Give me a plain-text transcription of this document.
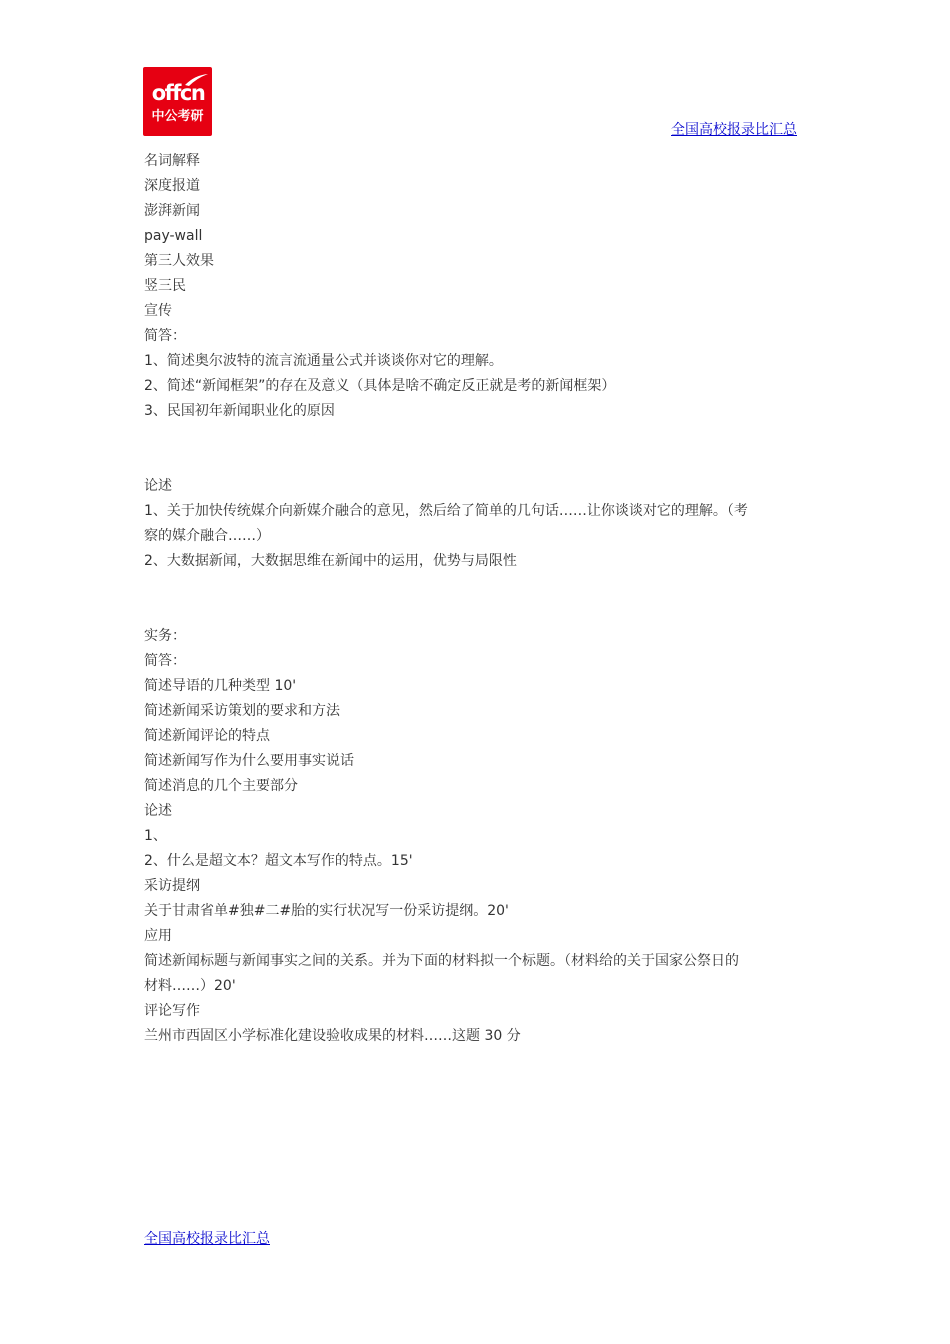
offcn
中公考研
全国高校报录比汇总
名词解释
深度报道
澎湃新闻
pay-wall
第三人效果
竖三民
宣传
简答：
1、简述奥尔波特的流言流通量公式并谈谈你对它的理解。
2、简述“新闻框架”的存在及意义（具体是啥不确定反正就是考的新闻框架）
3、民国初年新闻职业化的原因
论述
1、关于加快传统媒介向新媒介融合的意见，然后给了简单的几句话……让你谈谈对它的理解。（考
察的媒介融合……）
2、大数据新闻，大数据思维在新闻中的运用，优势与局限性
实务：
简答：
简述导语的几种类型 10'
简述新闻采访策划的要求和方法
简述新闻评论的特点
简述新闻写作为什么要用事实说话
简述消息的几个主要部分
论述
1、
2、什么是超文本？超文本写作的特点。15'
采访提纲
关于甘肃省单#独#二#胎的实行状况写一份采访提纲。20'
应用
简述新闻标题与新闻事实之间的关系。并为下面的材料拟一个标题。（材料给的关于国家公祭日的
材料……）20'
评论写作
兰州市西固区小学标准化建设验收成果的材料……这题 30 分
全国高校报录比汇总
